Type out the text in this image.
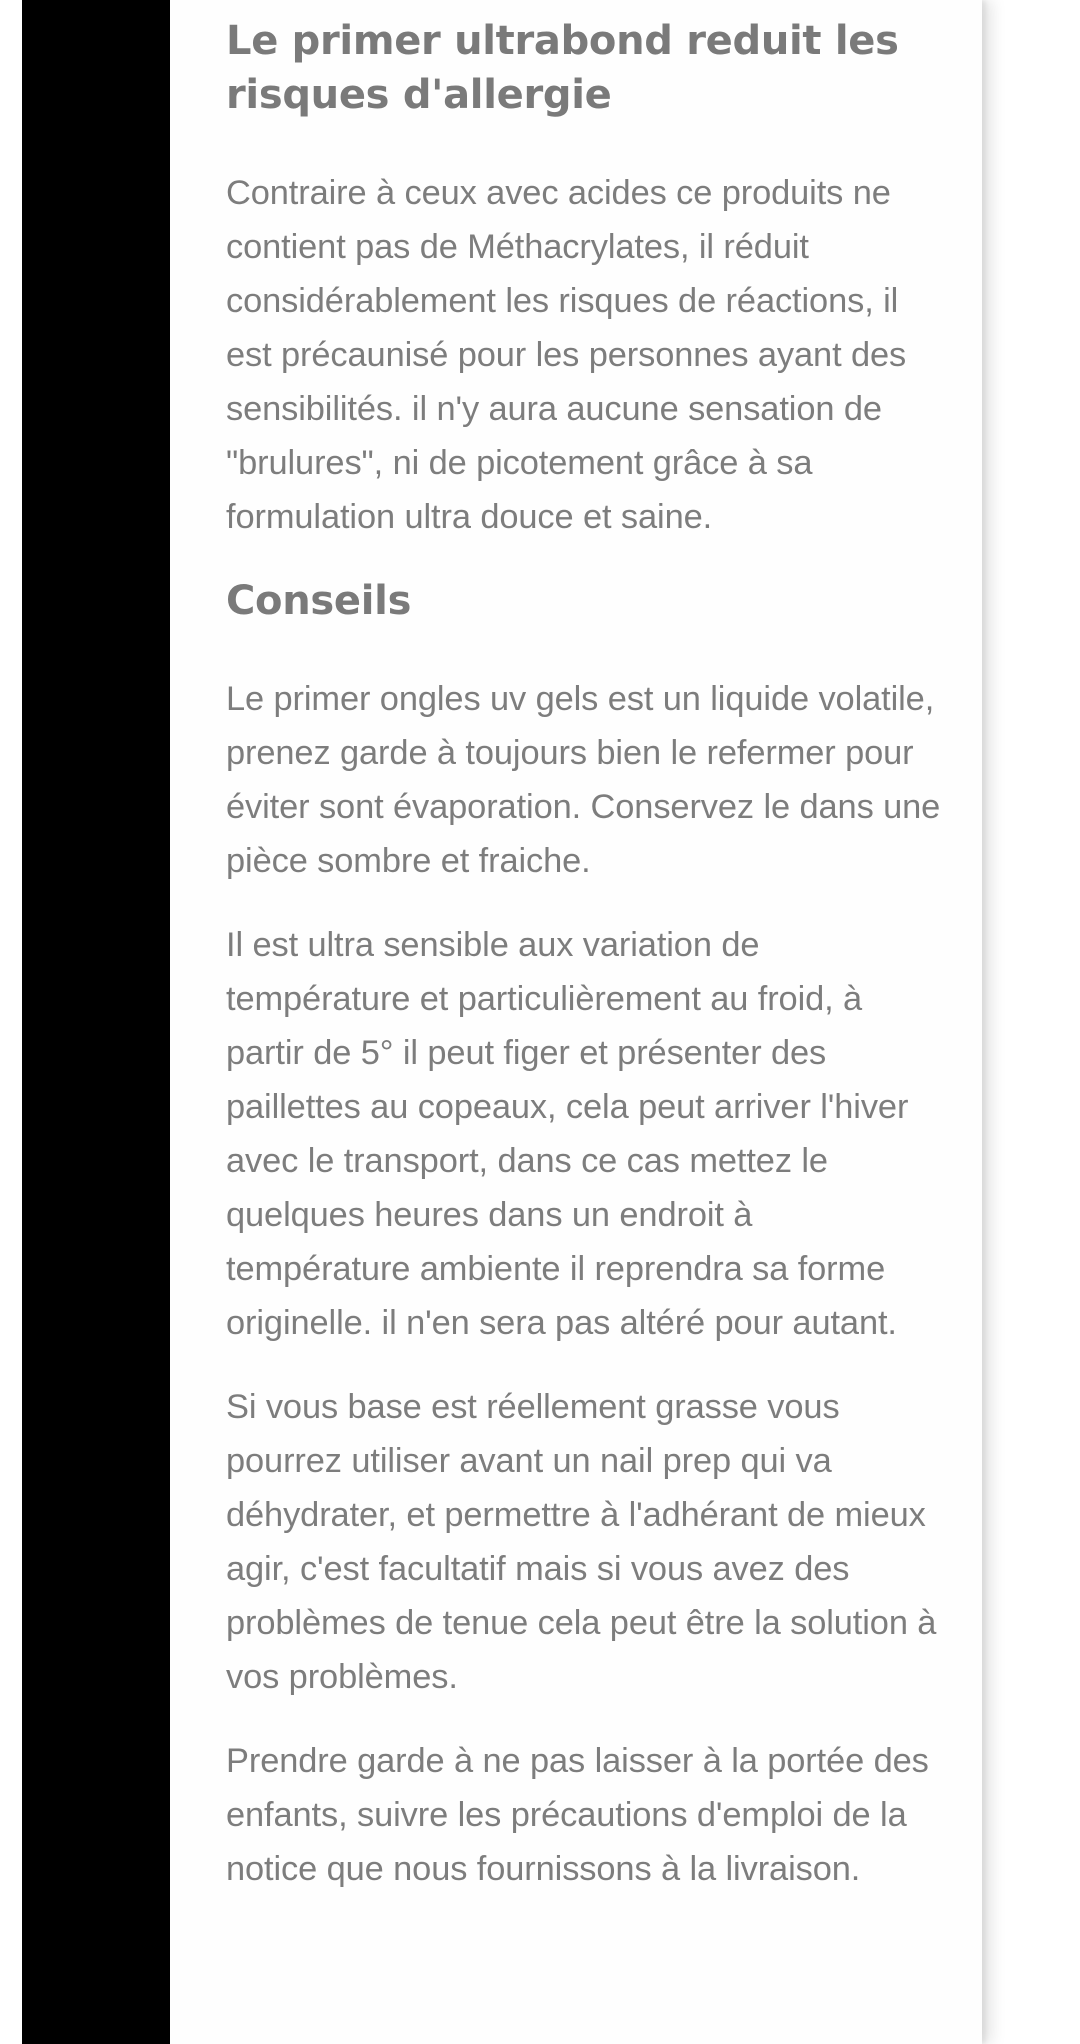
Le primer ultrabond reduit les risques d'allergie

Contraire à ceux avec acides ce produits ne contient pas de Méthacrylates, il réduit considérablement les risques de réactions, il est précaunisé pour les personnes ayant des sensibilités. il n'y aura aucune sensation de "brulures", ni de picotement grâce à sa formulation ultra douce et saine.

Conseils

Le primer ongles uv gels est un liquide volatile, prenez garde à toujours bien le refermer pour éviter sont évaporation. Conservez le dans une pièce sombre et fraiche.

Il est ultra sensible aux variation de température et particulièrement au froid, à partir de 5° il peut figer et présenter des paillettes au copeaux, cela peut arriver l'hiver avec le transport, dans ce cas mettez le quelques heures dans un endroit à température ambiente il reprendra sa forme originelle. il n'en sera pas altéré pour autant.

Si vous base est réellement grasse vous pourrez utiliser avant un nail prep qui va déhydrater, et permettre à l'adhérant de mieux agir, c'est facultatif mais si vous avez des problèmes de tenue cela peut être la solution à vos problèmes.

Prendre garde à ne pas laisser à la portée des enfants, suivre les précautions d'emploi de la notice que nous fournissons à la livraison.
